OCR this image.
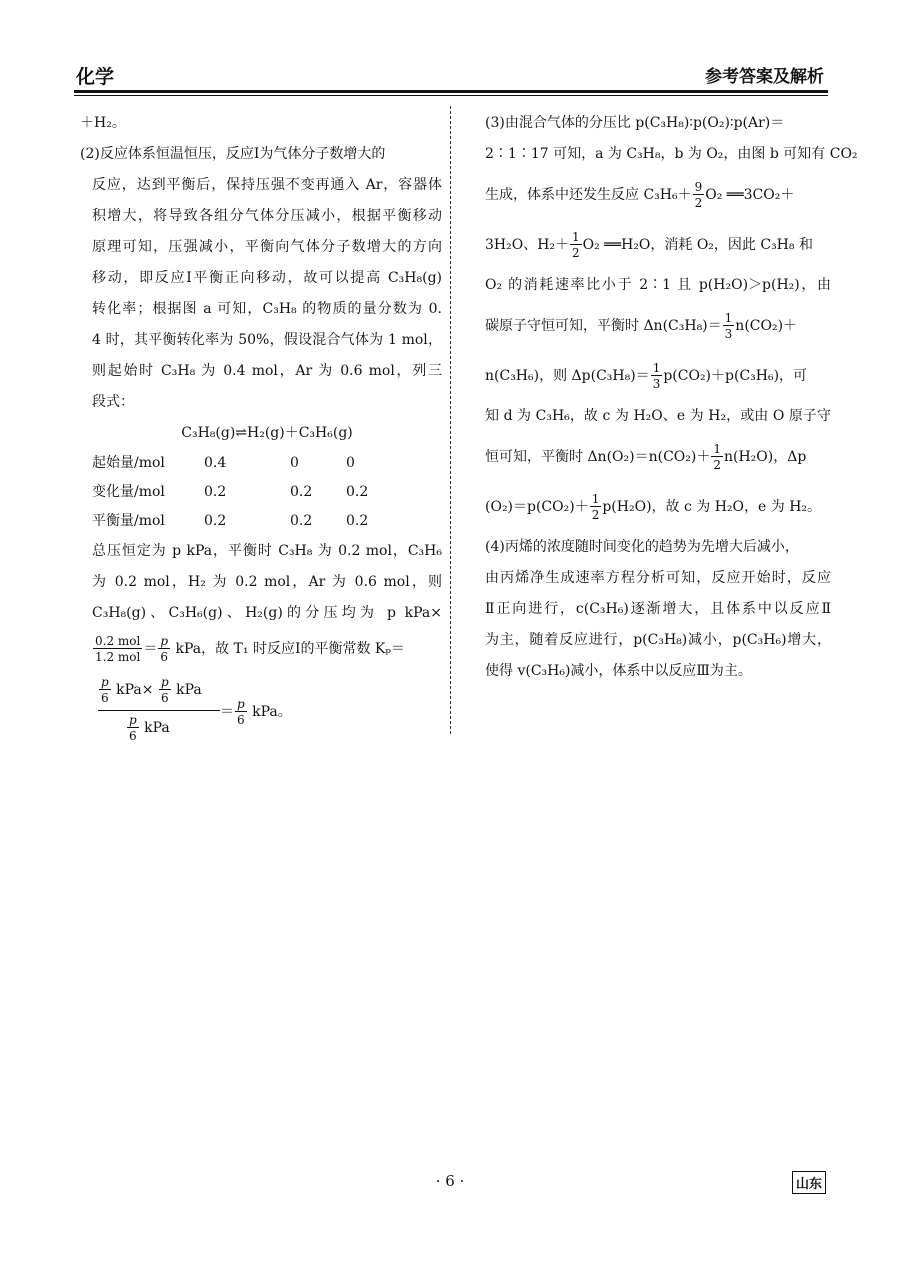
化学	参考答案及解析
＋H₂。
(2)反应体系恒温恒压，反应Ⅰ为气体分子数增大的
反应，达到平衡后，保持压强不变再通入 Ar，容器体
积增大，将导致各组分气体分压减小，根据平衡移动
原理可知，压强减小，平衡向气体分子数增大的方向
移动，即反应Ⅰ平衡正向移动，故可以提高 C₃H₈(g)
转化率；根据图 a 可知，C₃H₈ 的物质的量分数为 0.
4 时，其平衡转化率为 50%，假设混合气体为 1 mol，
则起始时 C₃H₈ 为 0.4 mol，Ar 为 0.6 mol，列三
段式：
C₃H₈(g)⇌H₂(g)＋C₃H₆(g)
起始量/mol	0.4	0	0
变化量/mol	0.2	0.2	0.2
平衡量/mol	0.2	0.2	0.2
总压恒定为 p kPa，平衡时 C₃H₈ 为 0.2 mol，C₃H₆
为 0.2 mol，H₂ 为 0.2 mol，Ar 为 0.6 mol，则
C₃H₈(g)、C₃H₆(g)、H₂(g)的分压均为 p kPa×
$\frac{\text{0.2 mol}}{\text{1.2 mol}} = \frac{p}{6}$ kPa，故 T₁ 时反应Ⅰ的平衡常数 Kₚ＝
$\frac{p}{6} kPa\times \frac{p}{6}$ kPa
$\frac{p}{6}$ kPa
＝ $\frac{p}{6}$ kPa。
(3)由混合气体的分压比 p(C₃H₈)∶p(O₂)∶p(Ar)＝
2∶1∶17 可知，a 为 C₃H₈，b 为 O₂，由图 b 可知有 CO₂
生成，体系中还发生反应 $C_3H_6+ \frac{9}{2} O_2$ ══3CO₂＋
3H₂O、$H_2+ \frac{1}{2} O_2$ ══H₂O，消耗 O₂，因此 C₃H₈ 和
O₂ 的消耗速率比小于 2∶1 且 p(H₂O)＞p(H₂)，由
碳原子守恒可知，平衡时 $\Delta n(C_3H_8)= \frac{1}{3} n(CO_2)+$
n(C₃H₆)，则 $\Delta p(C_3H_8)= \frac{1}{3} p(CO_2)+p(C_3H_6)$，可
知 d 为 C₃H₆，故 c 为 H₂O、e 为 H₂，或由 O 原子守
恒可知，平衡时 $\Delta n(O_2)=n(CO_2)+ \frac{1}{2} n(H_2O)$，Δp
$(O_2)=p(CO_2)+ \frac{1}{2} p(H_2O)$，故 c 为 H₂O，e 为 H₂。
(4)丙烯的浓度随时间变化的趋势为先增大后减小，
由丙烯净生成速率方程分析可知，反应开始时，反应
Ⅱ正向进行，c(C₃H₆)逐渐增大，且体系中以反应Ⅱ
为主，随着反应进行，p(C₃H₈)减小，p(C₃H₆)增大，
使得 v(C₃H₆)减小，体系中以反应Ⅲ为主。
· 6 ·	山东
